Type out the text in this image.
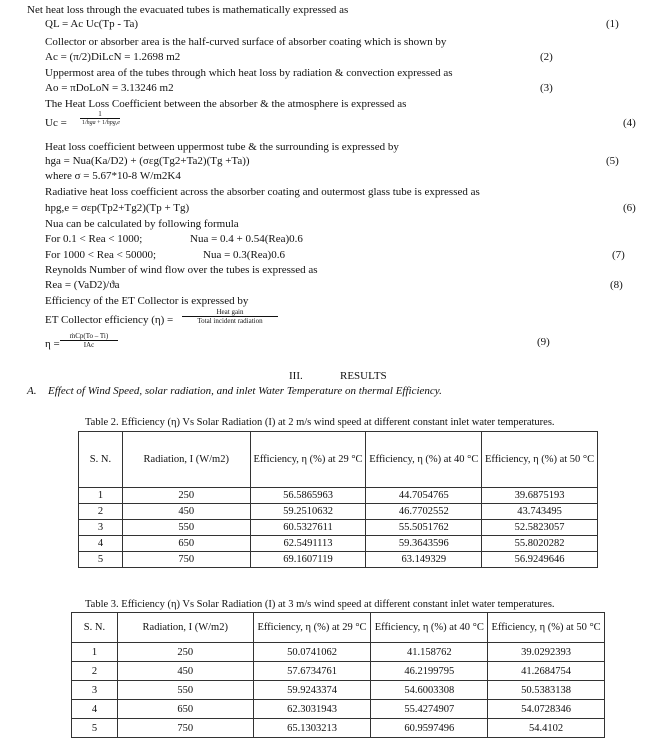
Net heat loss through the evacuated tubes is mathematically expressed as
QL = Ac Uc(Tp - Ta)	(1)
Collector or absorber area is the half-curved surface of absorber coating which is shown by
Ac = (π/2)DiLcN = 1.2698 m2	(2)
Uppermost area of the tubes through which heat loss by radiation & convection expressed as
Ao = πDoLoN = 3.13246 m2	(3)
The Heat Loss Coefficient between the absorber & the atmosphere is expressed as
Uc =
1
1/hga + 1/hpg,e	(4)
Heat loss coefficient between uppermost tube & the surrounding is expressed by
hga = Nua(Ka/D2) + (σεg(Tg2+Ta2)(Tg +Ta))	(5)
where σ = 5.67*10-8 W/m2K4
Radiative heat loss coefficient across the absorber coating and outermost glass tube is expressed as
hpg,e = σεp(Tp2+Tg2)(Tp + Tg)	(6)
Nua can be calculated by following formula
For 0.1 < Rea < 1000;	Nua = 0.4 + 0.54(Rea)0.6
For 1000 < Rea < 50000;	Nua = 0.3(Rea)0.6	(7)
Reynolds Number of wind flow over the tubes is expressed as
Rea = (VaD2)/ϑa	(8)
Efficiency of the ET Collector is expressed by
ET Collector efficiency (η) =
Heat gain
Total incident radiation
η =
ṁCp(To – Ti)
IAc	(9)
III.	RESULTS
A. Effect of Wind Speed, solar radiation, and inlet Water Temperature on thermal Efficiency.
Table 2. Efficiency (η) Vs Solar Radiation (I) at 2 m/s wind speed at different constant inlet water temperatures.
S. N.	Radiation, I (W/m2)	Efficiency, η (%) at 29 °C	Efficiency, η (%) at 40 °C	Efficiency, η (%) at 50 °C
1	250	56.5865963	44.7054765	39.6875193
2	450	59.2510632	46.7702552	43.743495
3	550	60.5327611	55.5051762	52.5823057
4	650	62.5491113	59.3643596	55.8020282
5	750	69.1607119	63.149329	56.9249646
Table 3. Efficiency (η) Vs Solar Radiation (I) at 3 m/s wind speed at different constant inlet water temperatures.
S. N.	Radiation, I (W/m2)	Efficiency, η (%) at 29 °C	Efficiency, η (%) at 40 °C	Efficiency, η (%) at 50 °C
1	250	50.0741062	41.158762	39.0292393
2	450	57.6734761	46.2199795	41.2684754
3	550	59.9243374	54.6003308	50.5383138
4	650	62.3031943	55.4274907	54.0728346
5	750	65.1303213	60.9597496	54.4102
